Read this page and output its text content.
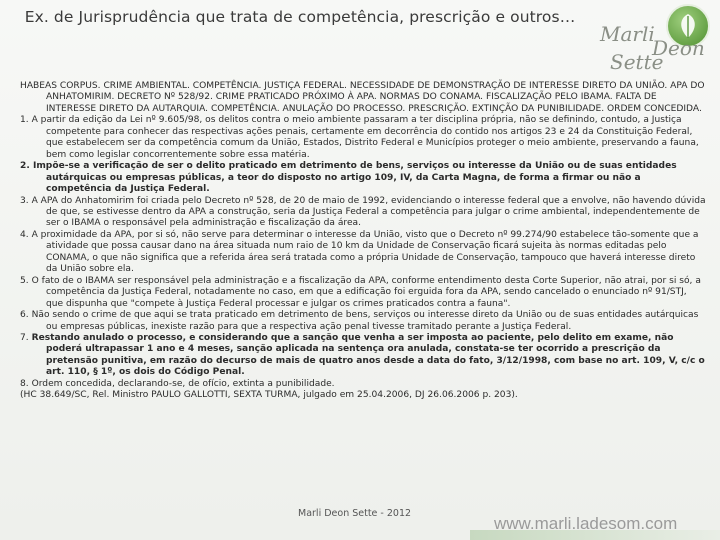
Ex. de Jurisprudência que trata de competência, prescrição e outros…
Marli
Deon
Sette

HABEAS CORPUS. CRIME AMBIENTAL. COMPETÊNCIA. JUSTIÇA FEDERAL. NECESSIDADE DE DEMONSTRAÇÃO DE INTERESSE DIRETO DA UNIÃO. APA DO ANHATOMIRIM. DECRETO Nº 528/92. CRIME PRATICADO PRÓXIMO À APA. NORMAS DO CONAMA. FISCALIZAÇÃO PELO IBAMA. FALTA DE INTERESSE DIRETO DA AUTARQUIA. COMPETÊNCIA. ANULAÇÃO DO PROCESSO. PRESCRIÇÃO. EXTINÇÃO DA PUNIBILIDADE. ORDEM CONCEDIDA.

1. A partir da edição da Lei nº 9.605/98, os delitos contra o meio ambiente passaram a ter disciplina própria, não se definindo, contudo, a Justiça competente para conhecer das respectivas ações penais, certamente em decorrência do contido nos artigos 23 e 24 da Constituição Federal, que estabelecem ser da competência comum da União, Estados, Distrito Federal e Municípios proteger o meio ambiente, preservando a fauna, bem como legislar concorrentemente sobre essa matéria.

2. Impõe-se a verificação de ser o delito praticado em detrimento de bens, serviços ou interesse da União ou de suas entidades autárquicas ou empresas públicas, a teor do disposto no artigo 109, IV, da Carta Magna, de forma a firmar ou não a competência da Justiça Federal.

3. A APA do Anhatomirim foi criada pelo Decreto nº 528, de 20 de maio de 1992, evidenciando o interesse federal que a envolve, não havendo dúvida de que, se estivesse dentro da APA a construção, seria da Justiça Federal a competência para julgar o crime ambiental, independentemente de ser o IBAMA o responsável pela administração e fiscalização da área.

4. A proximidade da APA, por si só, não serve para determinar o interesse da União, visto que o Decreto nº 99.274/90 estabelece tão-somente que a atividade que possa causar dano na área situada num raio de 10 km da Unidade de Conservação ficará sujeita às normas editadas pelo CONAMA, o que não significa que a referida área será tratada como a própria Unidade de Conservação, tampouco que haverá interesse direto da União sobre ela.

5. O fato de o IBAMA ser responsável pela administração e a fiscalização da APA, conforme entendimento desta Corte Superior, não atrai, por si só, a competência da Justiça Federal, notadamente no caso, em que a edificação foi erguida fora da APA, sendo cancelado o enunciado nº 91/STJ, que dispunha que "compete à Justiça Federal processar e julgar os crimes praticados contra a fauna".

6. Não sendo o crime de que aqui se trata praticado em detrimento de bens, serviços ou interesse direto da União ou de suas entidades autárquicas ou empresas públicas, inexiste razão para que a respectiva ação penal tivesse tramitado perante a Justiça Federal.

7. Restando anulado o processo, e considerando que a sanção que venha a ser imposta ao paciente, pelo delito em exame, não poderá ultrapassar 1 ano e 4 meses, sanção aplicada na sentença ora anulada, constata-se ter ocorrido a prescrição da pretensão punitiva, em razão do decurso de mais de quatro anos desde a data do fato, 3/12/1998, com base no art. 109, V, c/c o art. 110, § 1º, os dois do Código Penal.

8. Ordem concedida, declarando-se, de ofício, extinta a punibilidade.

(HC 38.649/SC, Rel. Ministro PAULO GALLOTTI, SEXTA TURMA, julgado em 25.04.2006, DJ 26.06.2006 p. 203).

Marli Deon Sette - 2012
www.marli.ladesom.com
